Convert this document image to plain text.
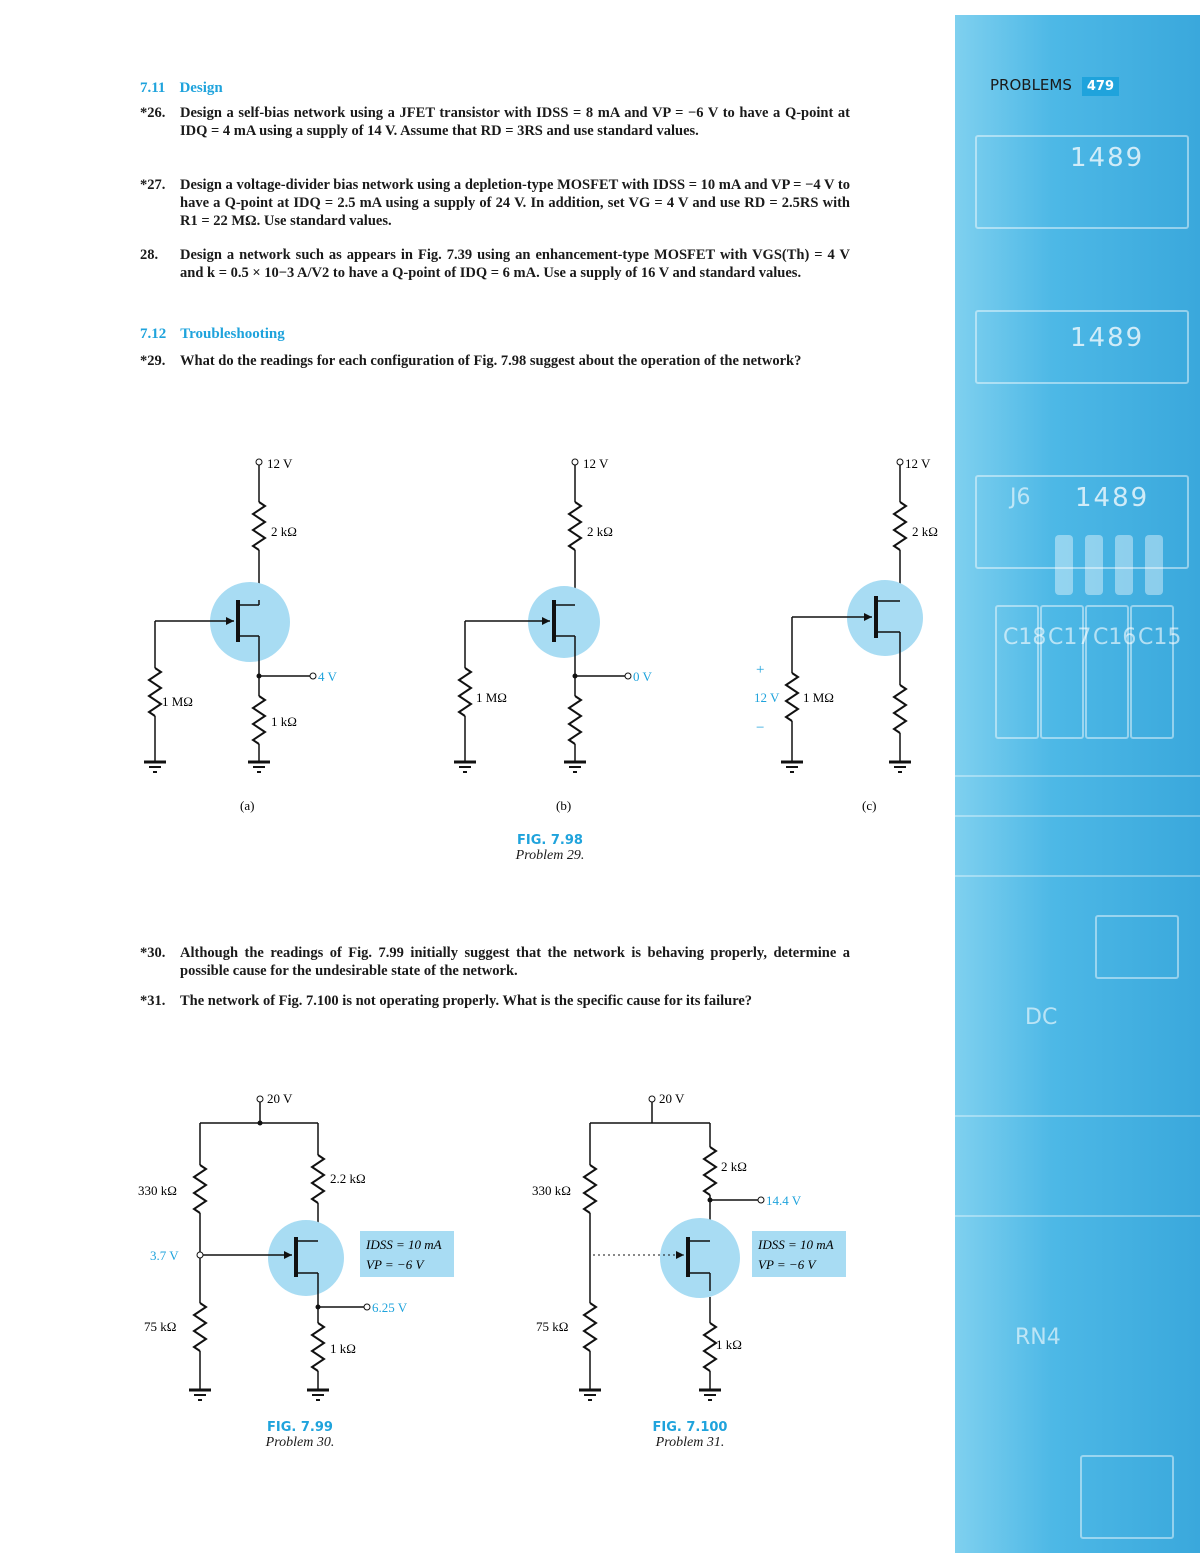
1489
1489
1489
J6
C18 C17 C16 C15
DC
RN4
PROBLEMS 479
7.11 Design
*26.	Design a self-bias network using a JFET transistor with IDSS = 8 mA and VP = −6 V to have a Q-point at IDQ = 4 mA using a supply of 14 V. Assume that RD = 3RS and use standard values.
*27.	Design a voltage-divider bias network using a depletion-type MOSFET with IDSS = 10 mA and VP = −4 V to have a Q-point at IDQ = 2.5 mA using a supply of 24 V. In addition, set VG = 4 V and use RD = 2.5RS with R1 = 22 MΩ. Use standard values.
28.	Design a network such as appears in Fig. 7.39 using an enhancement-type MOSFET with VGS(Th) = 4 V and k = 0.5 × 10−3 A/V2 to have a Q-point of IDQ = 6 mA. Use a supply of 16 V and standard values.
7.12 Troubleshooting
*29.	What do the readings for each configuration of Fig. 7.98 suggest about the operation of the network?
12 V
2 kΩ
4 V
1 kΩ
1 MΩ
(a)
12 V
2 kΩ
0 V
1 MΩ
(b)
12 V
2 kΩ
1 MΩ
+
12 V
−
(c)
FIG. 7.98
Problem 29.
*30.	Although the readings of Fig. 7.99 initially suggest that the network is behaving properly, determine a possible cause for the undesirable state of the network.
*31.	The network of Fig. 7.100 is not operating properly. What is the specific cause for its failure?
20 V
330 kΩ
3.7 V
75 kΩ
2.2 kΩ
6.25 V
1 kΩ
IDSS = 10 mA
VP = −6 V
20 V
330 kΩ
75 kΩ
2 kΩ
14.4 V
1 kΩ
IDSS = 10 mA
VP = −6 V
FIG. 7.99
Problem 30.
FIG. 7.100
Problem 31.
